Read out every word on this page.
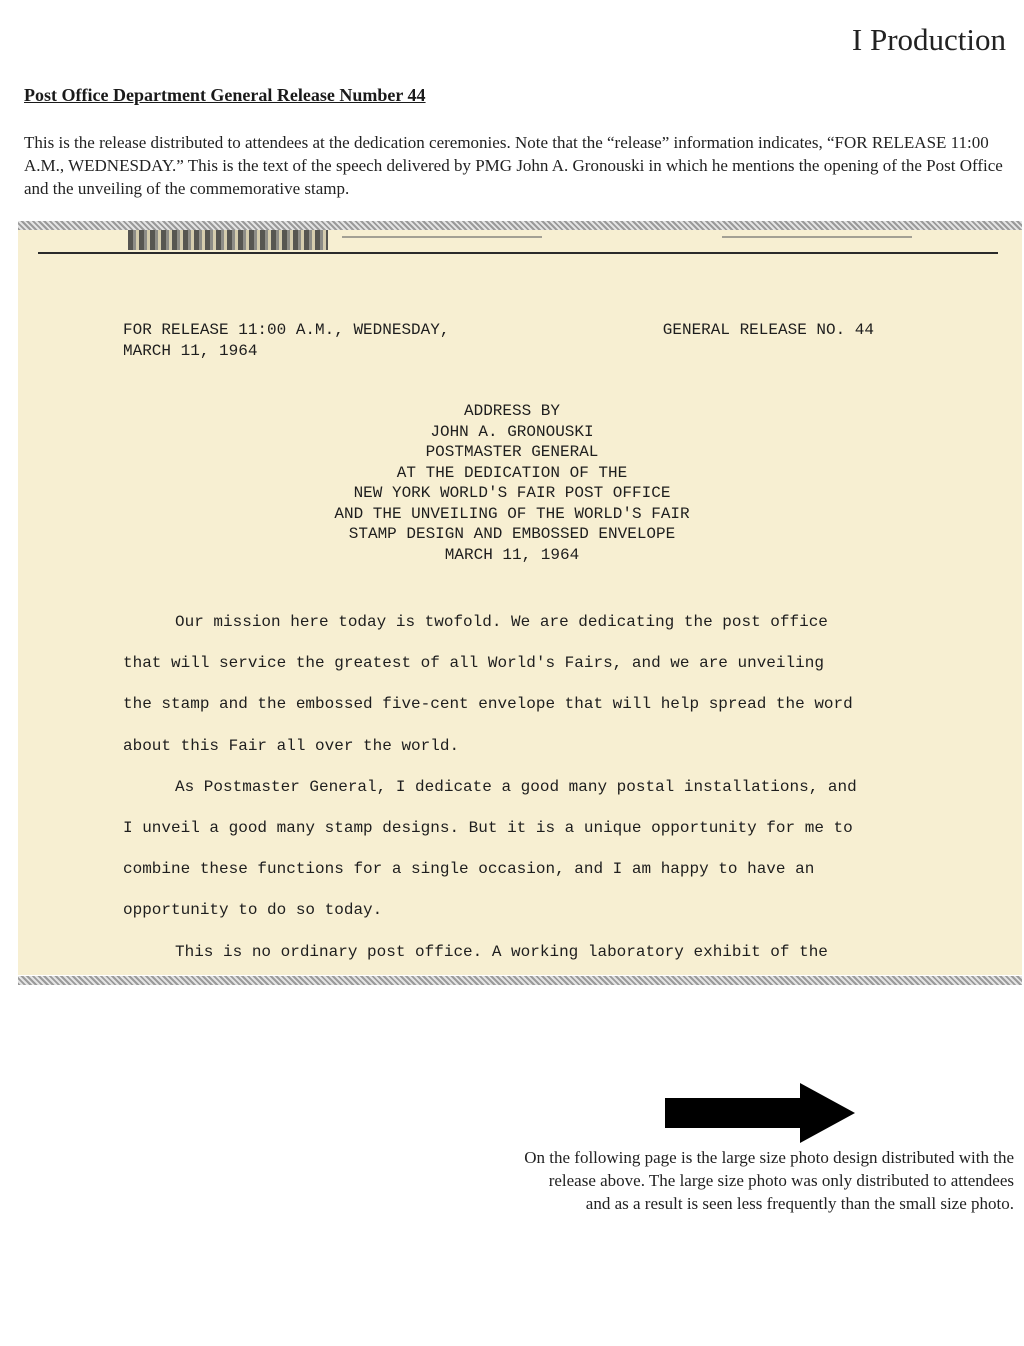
I Production
Post Office Department General Release Number 44

This is the release distributed to attendees at the dedication ceremonies. Note that the “release” information indicates, “FOR RELEASE 11:00 A.M., WEDNESDAY.” This is the text of the speech delivered by PMG John A. Gronouski in which he mentions the opening of the Post Office and the unveiling of the commemorative stamp.

FOR RELEASE 11:00 A.M., WEDNESDAY,
MARCH 11, 1964
GENERAL RELEASE NO. 44
ADDRESS BY
JOHN A. GRONOUSKI
POSTMASTER GENERAL
AT THE DEDICATION OF THE
NEW YORK WORLD'S FAIR POST OFFICE
AND THE UNVEILING OF THE WORLD'S FAIR
STAMP DESIGN AND EMBOSSED ENVELOPE
MARCH 11, 1964
Our mission here today is twofold. We are dedicating the post office
that will service the greatest of all World's Fairs, and we are unveiling
the stamp and the embossed five-cent envelope that will help spread the word
about this Fair all over the world.
As Postmaster General, I dedicate a good many postal installations, and
I unveil a good many stamp designs. But it is a unique opportunity for me to
combine these functions for a single occasion, and I am happy to have an
opportunity to do so today.
This is no ordinary post office. A working laboratory exhibit of the
On the following page is the large size photo design distributed with the
release above. The large size photo was only distributed to attendees
and as a result is seen less frequently than the small size photo.
